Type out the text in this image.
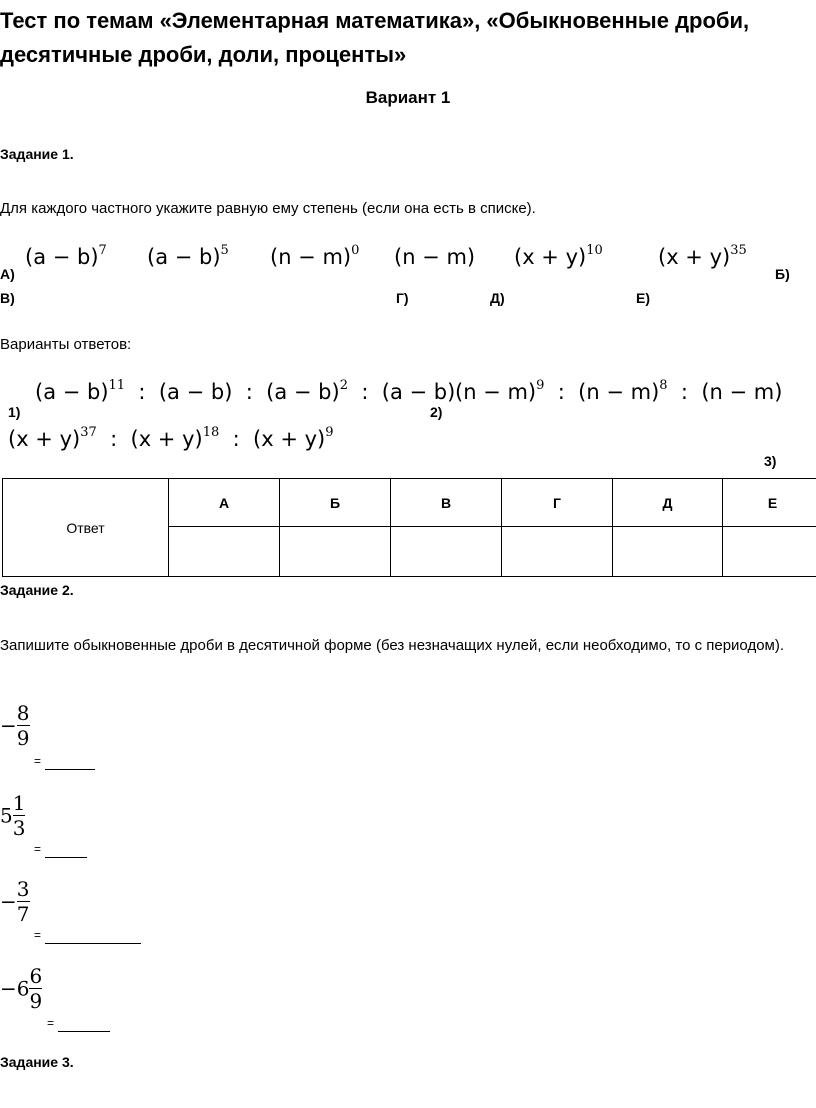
Тест по темам «Элементарная математика», «Обыкновенные дроби, десятичные дроби, доли, проценты»
Вариант 1
Задание 1.
Для каждого частного укажите равную ему степень (если она есть в списке).
$(a - b)^7$ $(a - b)^5$ $(n - m)^0$ (n − m) $(x + y)^{10}$	$(x + y)^{35}$
А)	Б)
В)	Г)	Д)	Е)
Варианты ответов:
1)
$(a - b)^{11}$  :  (a − b)  :  $(a - b)^2$  :  (a − b)
2)
$(n - m)^9$  :  $(n - m)^8$  :  (n − m)
$(x + y)^{37}$  :  $(x + y)^{18}$  :  $(x + y)^9$
3)
Ответ	А	Б	В	Г	Д	Е

Задание 2.
Запишите обыкновенные дроби в десятичной форме (без незначащих нулей, если необходимо, то с периодом).
− $\frac{8}{9}$
=
$5 \frac{1}{3}$
=
− $\frac{3}{7}$
=
$-6 \frac{6}{9}$
=
Задание 3.
